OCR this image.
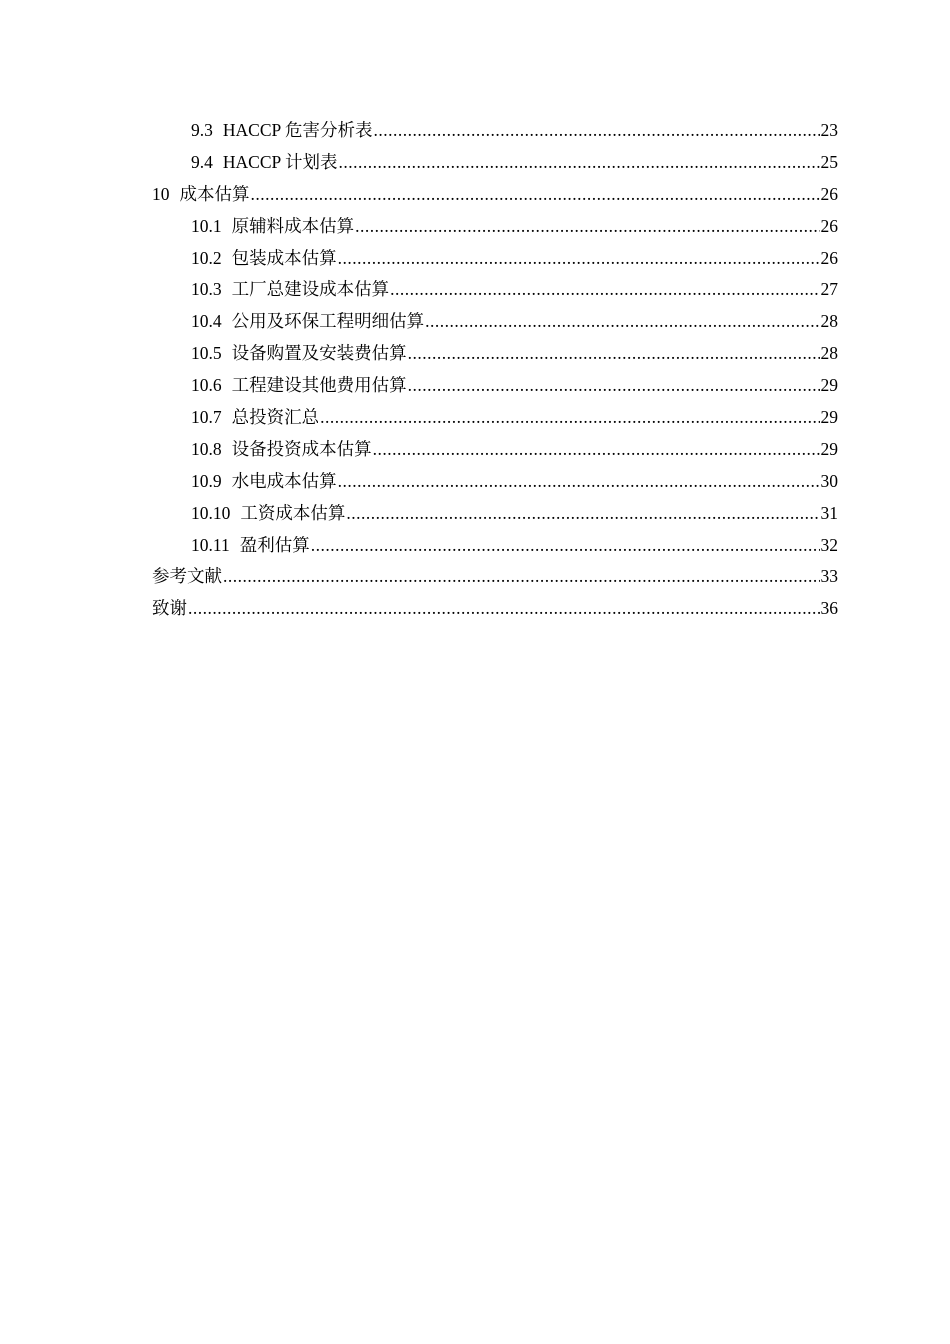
9.3 HACCP 危害分析表 .....	23
9.4 HACCP 计划表 .....	25
10 成本估算 .....	26
10.1 原辅料成本估算 .....	26
10.2 包装成本估算 .....	26
10.3 工厂总建设成本估算 .....	27
10.4 公用及环保工程明细估算 .....	28
10.5 设备购置及安装费估算 .....	28
10.6 工程建设其他费用估算 .....	29
10.7 总投资汇总 .....	29
10.8 设备投资成本估算 .....	29
10.9 水电成本估算 .....	30
10.10 工资成本估算 .....	31
10.11 盈利估算 .....	32
参考文献 .....	33
致谢 .....	36
